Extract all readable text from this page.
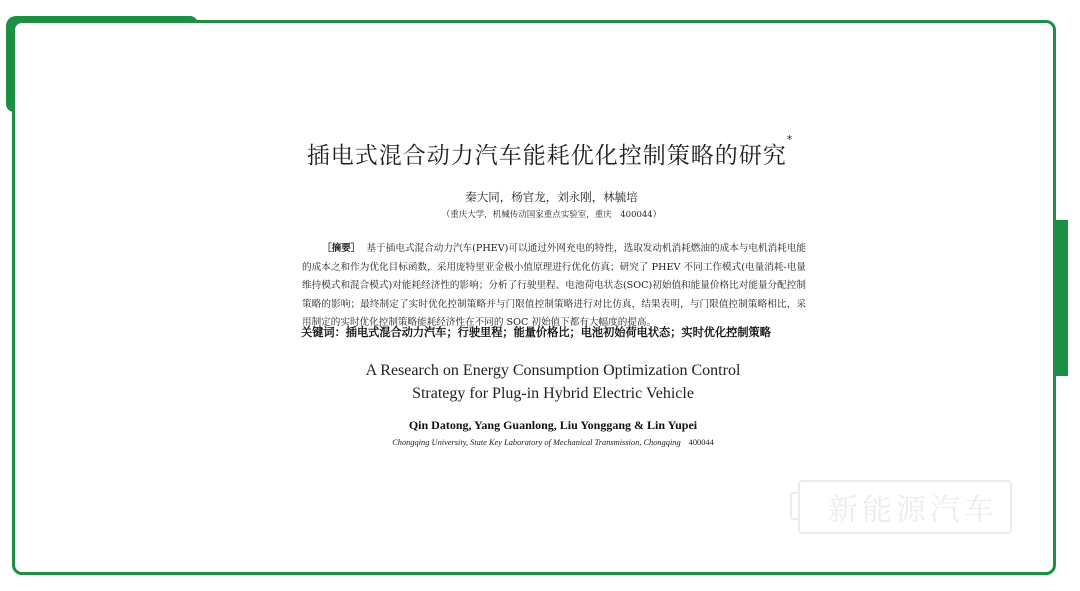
插电式混合动力汽车能耗优化控制策略的研究*
秦大同，杨官龙，刘永刚，林毓培
（重庆大学，机械传动国家重点实验室，重庆　400044）
［摘要］ 基于插电式混合动力汽车(PHEV)可以通过外网充电的特性，选取发动机消耗燃油的成本与电机消耗电能的成本之和作为优化目标函数，采用庞特里亚金极小值原理进行优化仿真；研究了 PHEV 不同工作模式(电量消耗-电量维持模式和混合模式)对能耗经济性的影响；分析了行驶里程、电池荷电状态(SOC)初始值和能量价格比对能量分配控制策略的影响；最终制定了实时优化控制策略并与门限值控制策略进行对比仿真，结果表明，与门限值控制策略相比，采用制定的实时优化控制策略能耗经济性在不同的 SOC 初始值下都有大幅度的提高。
关键词：插电式混合动力汽车；行驶里程；能量价格比；电池初始荷电状态；实时优化控制策略
A Research on Energy Consumption Optimization Control
Strategy for Plug-in Hybrid Electric Vehicle
Qin Datong, Yang Guanlong, Liu Yonggang & Lin Yupei
Chongqing University, State Key Laboratory of Mechanical Transmission, Chongqing 400044
新能源汽车
